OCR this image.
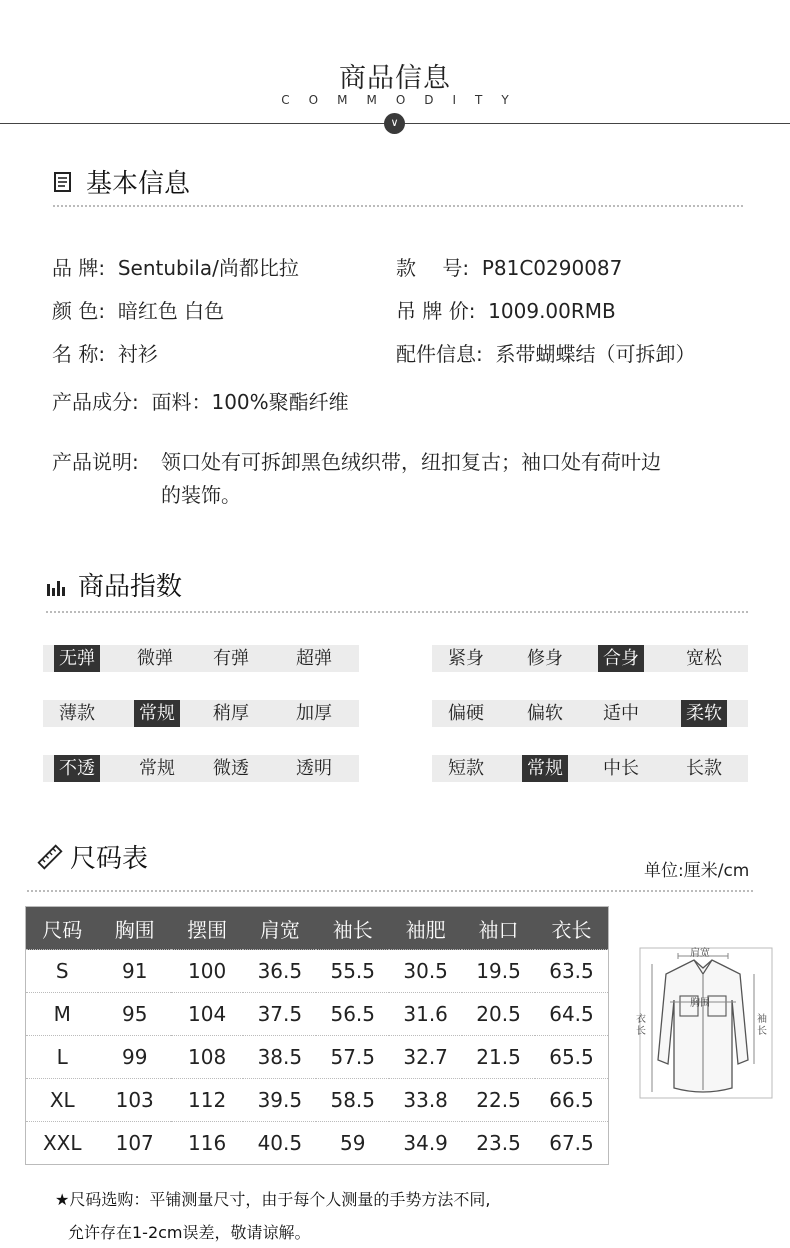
商品信息
COMMODITY
∨
基本信息
品 牌: Sentubila/尚都比拉	款　 号: P81C0290087
颜 色: 暗红色 白色	吊 牌 价: 1009.00RMB
名 称: 衬衫	配件信息: 系带蝴蝶结（可拆卸）
产品成分: 面料：100%聚酯纤维
产品说明: 领口处有可拆卸黑色绒织带，纽扣复古；袖口处有荷叶边
的装饰。
商品指数
无弹 微弹 有弹	超弹
薄款 常规 稍厚	加厚
不透 常规 微透	透明
紧身 修身 合身	宽松
偏硬 偏软 适中	柔软
短款 常规 中长	长款
尺码表	单位:厘米/cm
尺码	胸围	摆围	肩宽	袖长	袖肥	袖口	衣长
S	91	100	36.5	55.5	30.5	19.5	63.5
M	95	104	37.5	56.5	31.6	20.5	64.5
L	99	108	38.5	57.5	32.7	21.5	65.5
XL	103	112	39.5	58.5	33.8	22.5	66.5
XXL	107	116	40.5	59	34.9	23.5	67.5
肩宽
胸围
衣长
袖长
★尺码选购：平铺测量尺寸，由于每个人测量的手势方法不同,
允许存在1-2cm误差，敬请谅解。
